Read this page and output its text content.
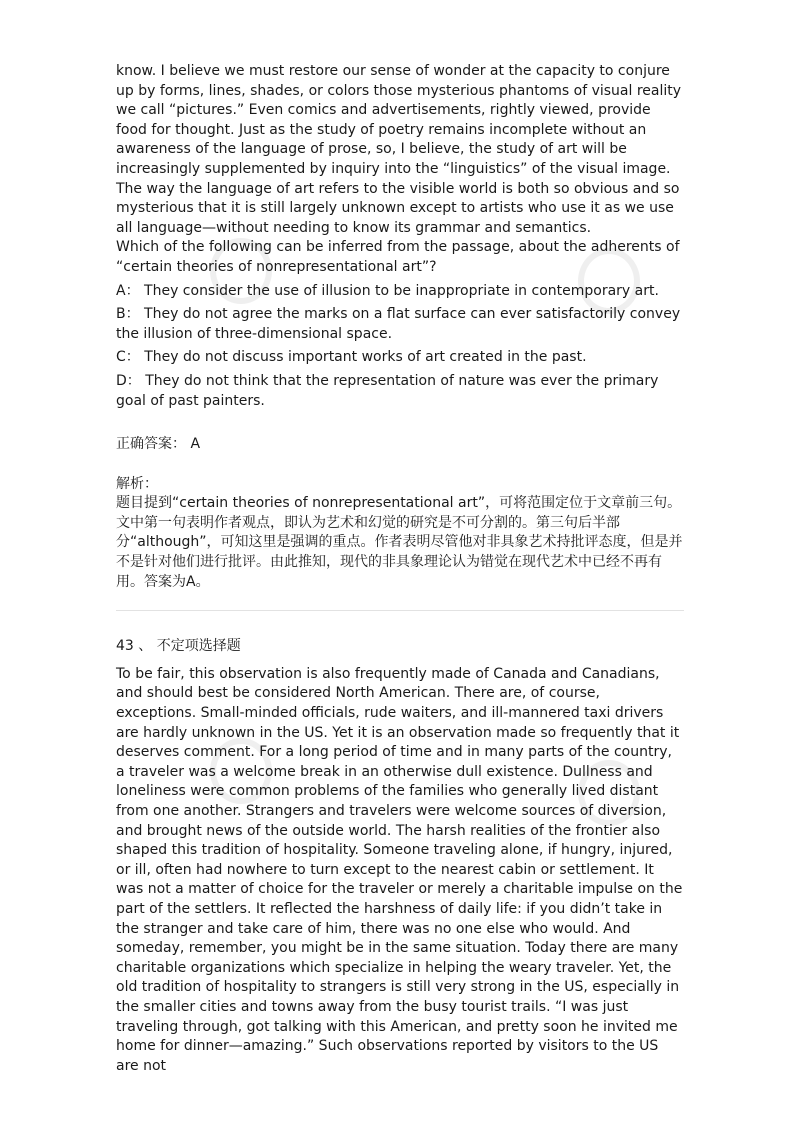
know. I believe we must restore our sense of wonder at the capacity to conjure up by forms, lines, shades, or colors those mysterious phantoms of visual reality we call “pictures.” Even comics and advertisements, rightly viewed, provide food for thought. Just as the study of poetry remains incomplete without an awareness of the language of prose, so, I believe, the study of art will be increasingly supplemented by inquiry into the “linguistics” of the visual image. The way the language of art refers to the visible world is both so obvious and so mysterious that it is still largely unknown except to artists who use it as we use all language—without needing to know its grammar and semantics.

Which of the following can be inferred from the passage, about the adherents of “certain theories of nonrepresentational art”?

A： They consider the use of illusion to be inappropriate in contemporary art.

B： They do not agree the marks on a flat surface can ever satisfactorily convey the illusion of three-dimensional space.

C： They do not discuss important works of art created in the past.

D： They do not think that the representation of nature was ever the primary goal of past painters.

正确答案： A

解析：

题目提到“certain theories of nonrepresentational art”，可将范围定位于文章前三句。文中第一句表明作者观点，即认为艺术和幻觉的研究是不可分割的。第三句后半部分“although”，可知这里是强调的重点。作者表明尽管他对非具象艺术持批评态度，但是并不是针对他们进行批评。由此推知，现代的非具象理论认为错觉在现代艺术中已经不再有用。答案为A。

43 、 不定项选择题

To be fair, this observation is also frequently made of Canada and Canadians, and should best be considered North American. There are, of course, exceptions. Small-minded officials, rude waiters, and ill-mannered taxi drivers are hardly unknown in the US. Yet it is an observation made so frequently that it deserves comment. For a long period of time and in many parts of the country, a traveler was a welcome break in an otherwise dull existence. Dullness and loneliness were common problems of the families who generally lived distant from one another. Strangers and travelers were welcome sources of diversion, and brought news of the outside world. The harsh realities of the frontier also shaped this tradition of hospitality. Someone traveling alone, if hungry, injured, or ill, often had nowhere to turn except to the nearest cabin or settlement. It was not a matter of choice for the traveler or merely a charitable impulse on the part of the settlers. It reflected the harshness of daily life: if you didn’t take in the stranger and take care of him, there was no one else who would. And someday, remember, you might be in the same situation. Today there are many charitable organizations which specialize in helping the weary traveler. Yet, the old tradition of hospitality to strangers is still very strong in the US, especially in the smaller cities and towns away from the busy tourist trails. “I was just traveling through, got talking with this American, and pretty soon he invited me home for dinner—amazing.” Such observations reported by visitors to the US are not
